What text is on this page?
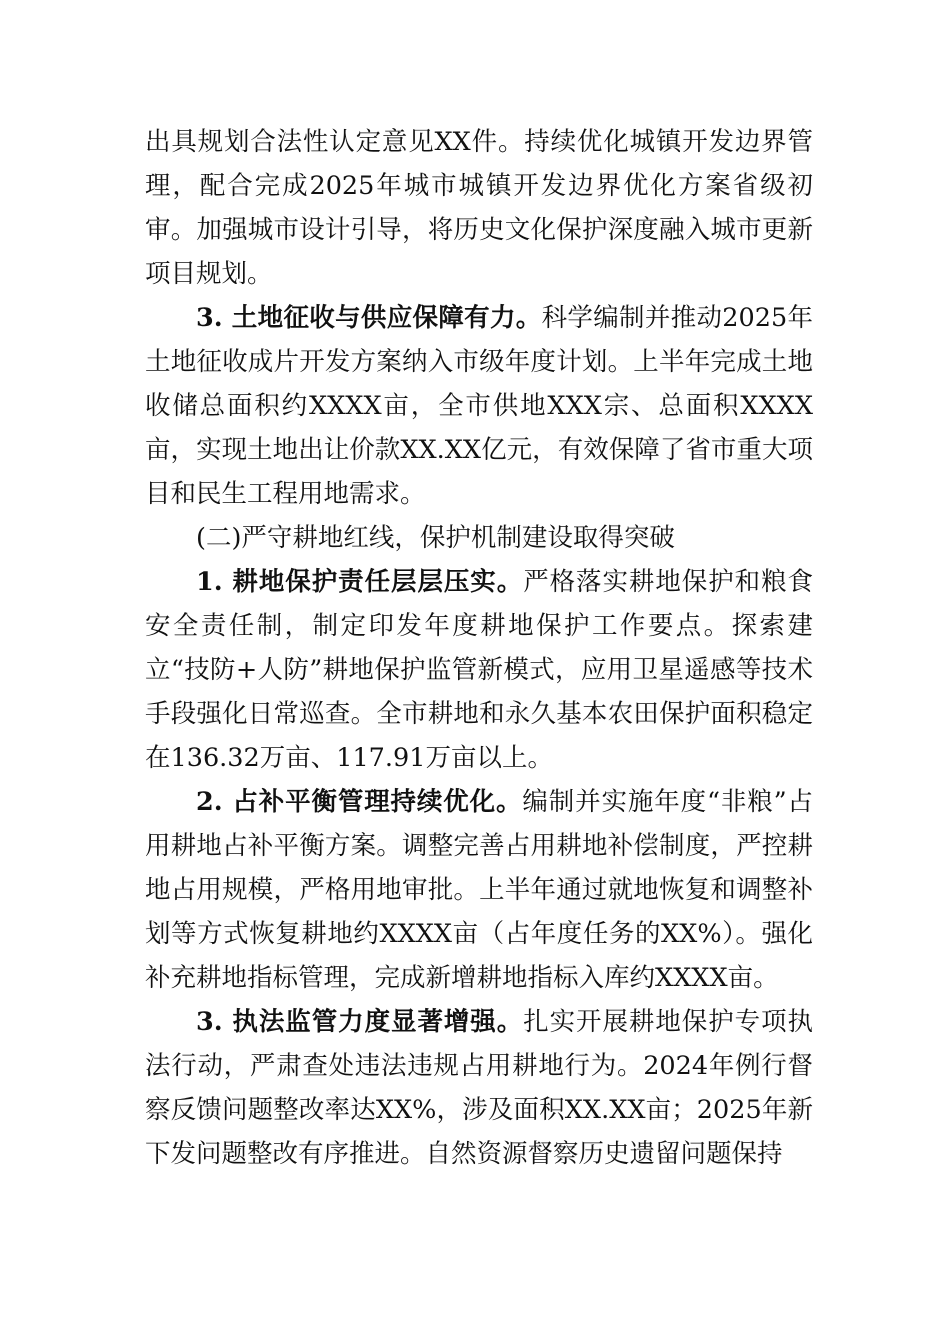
出具规划合法性认定意见XX件。持续优化城镇开发边界管理，配合完成2025年城市城镇开发边界优化方案省级初审。加强城市设计引导，将历史文化保护深度融入城市更新项目规划。

3. 土地征收与供应保障有力。科学编制并推动2025年土地征收成片开发方案纳入市级年度计划。上半年完成土地收储总面积约XXXX亩，全市供地XXX宗、总面积XXXX亩，实现土地出让价款XX.XX亿元，有效保障了省市重大项目和民生工程用地需求。

(二)严守耕地红线，保护机制建设取得突破

1. 耕地保护责任层层压实。严格落实耕地保护和粮食安全责任制，制定印发年度耕地保护工作要点。探索建立“技防+人防”耕地保护监管新模式，应用卫星遥感等技术手段强化日常巡查。全市耕地和永久基本农田保护面积稳定在136.32万亩、117.91万亩以上。

2. 占补平衡管理持续优化。编制并实施年度“非粮”占用耕地占补平衡方案。调整完善占用耕地补偿制度，严控耕地占用规模，严格用地审批。上半年通过就地恢复和调整补划等方式恢复耕地约XXXX亩（占年度任务的XX%）。强化补充耕地指标管理，完成新增耕地指标入库约XXXX亩。

3. 执法监管力度显著增强。扎实开展耕地保护专项执法行动，严肃查处违法违规占用耕地行为。2024年例行督察反馈问题整改率达XX%，涉及面积XX.XX亩；2025年新下发问题整改有序推进。自然资源督察历史遗留问题保持
